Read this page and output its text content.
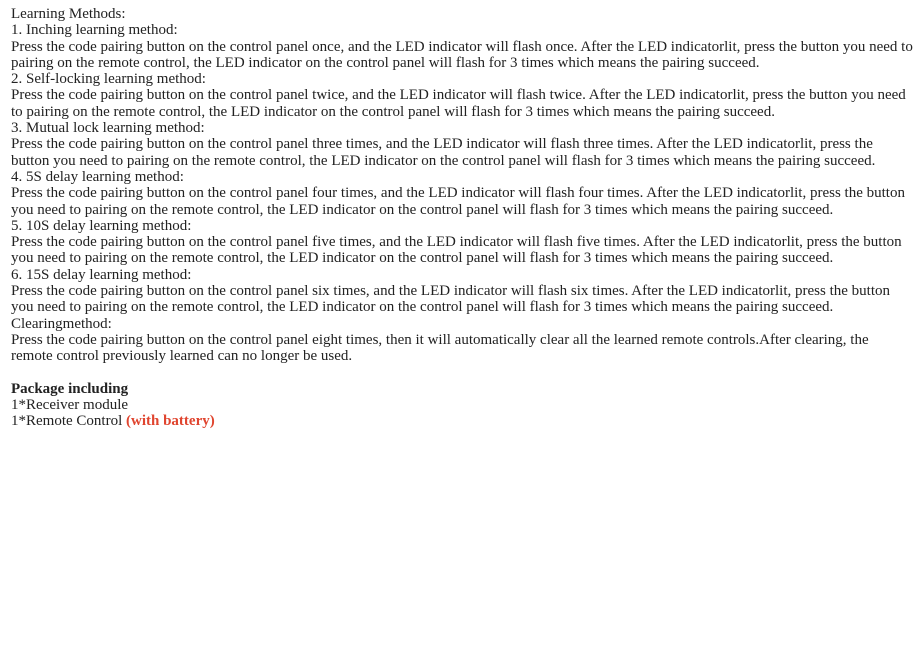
Learning Methods:
1. Inching learning method:
Press the code pairing button on the control panel once, and the LED indicator will flash once. After the LED indicatorlit, press the button you need to pairing on the remote control, the LED indicator on the control panel will flash for 3 times which means the pairing succeed.
2. Self-locking learning method:
Press the code pairing button on the control panel twice, and the LED indicator will flash twice. After the LED indicatorlit, press the button you need to pairing on the remote control, the LED indicator on the control panel will flash for 3 times which means the pairing succeed.
3. Mutual lock learning method:
Press the code pairing button on the control panel three times, and the LED indicator will flash three times. After the LED indicatorlit, press the button you need to pairing on the remote control, the LED indicator on the control panel will flash for 3 times which means the pairing succeed.
4. 5S delay learning method:
Press the code pairing button on the control panel four times, and the LED indicator will flash four times. After the LED indicatorlit, press the button you need to pairing on the remote control, the LED indicator on the control panel will flash for 3 times which means the pairing succeed.
5. 10S delay learning method:
Press the code pairing button on the control panel five times, and the LED indicator will flash five times. After the LED indicatorlit, press the button you need to pairing on the remote control, the LED indicator on the control panel will flash for 3 times which means the pairing succeed.
6. 15S delay learning method:
Press the code pairing button on the control panel six times, and the LED indicator will flash six times. After the LED indicatorlit, press the button you need to pairing on the remote control, the LED indicator on the control panel will flash for 3 times which means the pairing succeed.
Clearingmethod:
Press the code pairing button on the control panel eight times, then it will automatically clear all the learned remote controls.After clearing, the remote control previously learned can no longer be used.
Package including
1*Receiver module
1*Remote Control (with battery)
